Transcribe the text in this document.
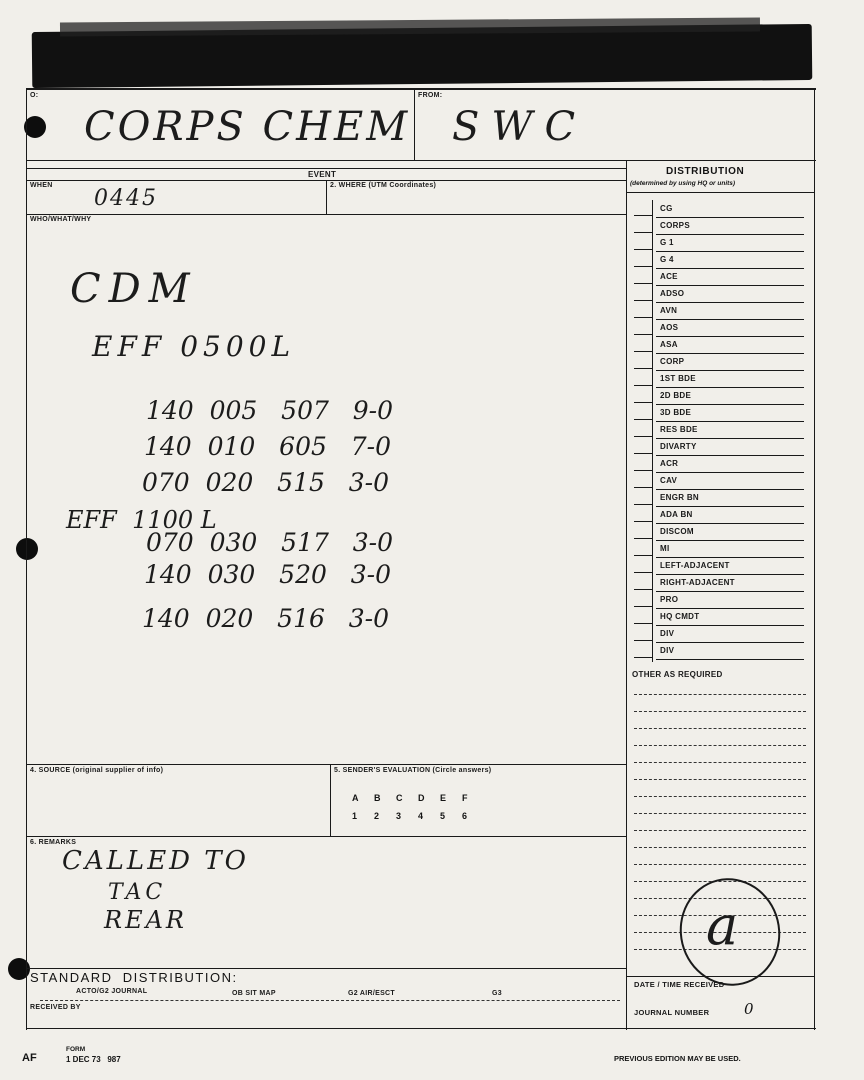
O:	FROM:
CORPS CHEM SWC
EVENT
WHEN
0445
2. WHERE (UTM Coordinates)
WHO/WHAT/WHY
CDM
EFF 0500L
140  005   507   9-0
140  010   605   7-0
070  020   515   3-0
EFF  1100 L
070  030   517   3-0
140  030   520   3-0
140  020   516   3-0
4. SOURCE (original supplier of info)	5. SENDER'S EVALUATION (Circle answers)
A B C D E F
1 2 3 4 5 6
6. REMARKS
CALLED TO
TAC
REAR
STANDARD  DISTRIBUTION:
ACTO/G2 JOURNAL	OB SIT MAP	G2 AIR/ESCT	G3
RECEIVED BY
DISTRIBUTION
(determined by using HQ or units)
CG
CORPS
G 1
G 4
ACE
ADSO
AVN
AOS
ASA
CORP
1ST BDE
2D BDE
3D BDE
RES BDE
DIVARTY
ACR
CAV
ENGR BN
ADA BN
DISCOM
MI
LEFT-ADJACENT
RIGHT-ADJACENT
PRO
HQ CMDT
DIV
DIV
OTHER AS REQUIRED
DATE / TIME RECEIVED
JOURNAL NUMBER 0
a
AF
FORM
1 DEC 73   987	PREVIOUS EDITION MAY BE USED.
